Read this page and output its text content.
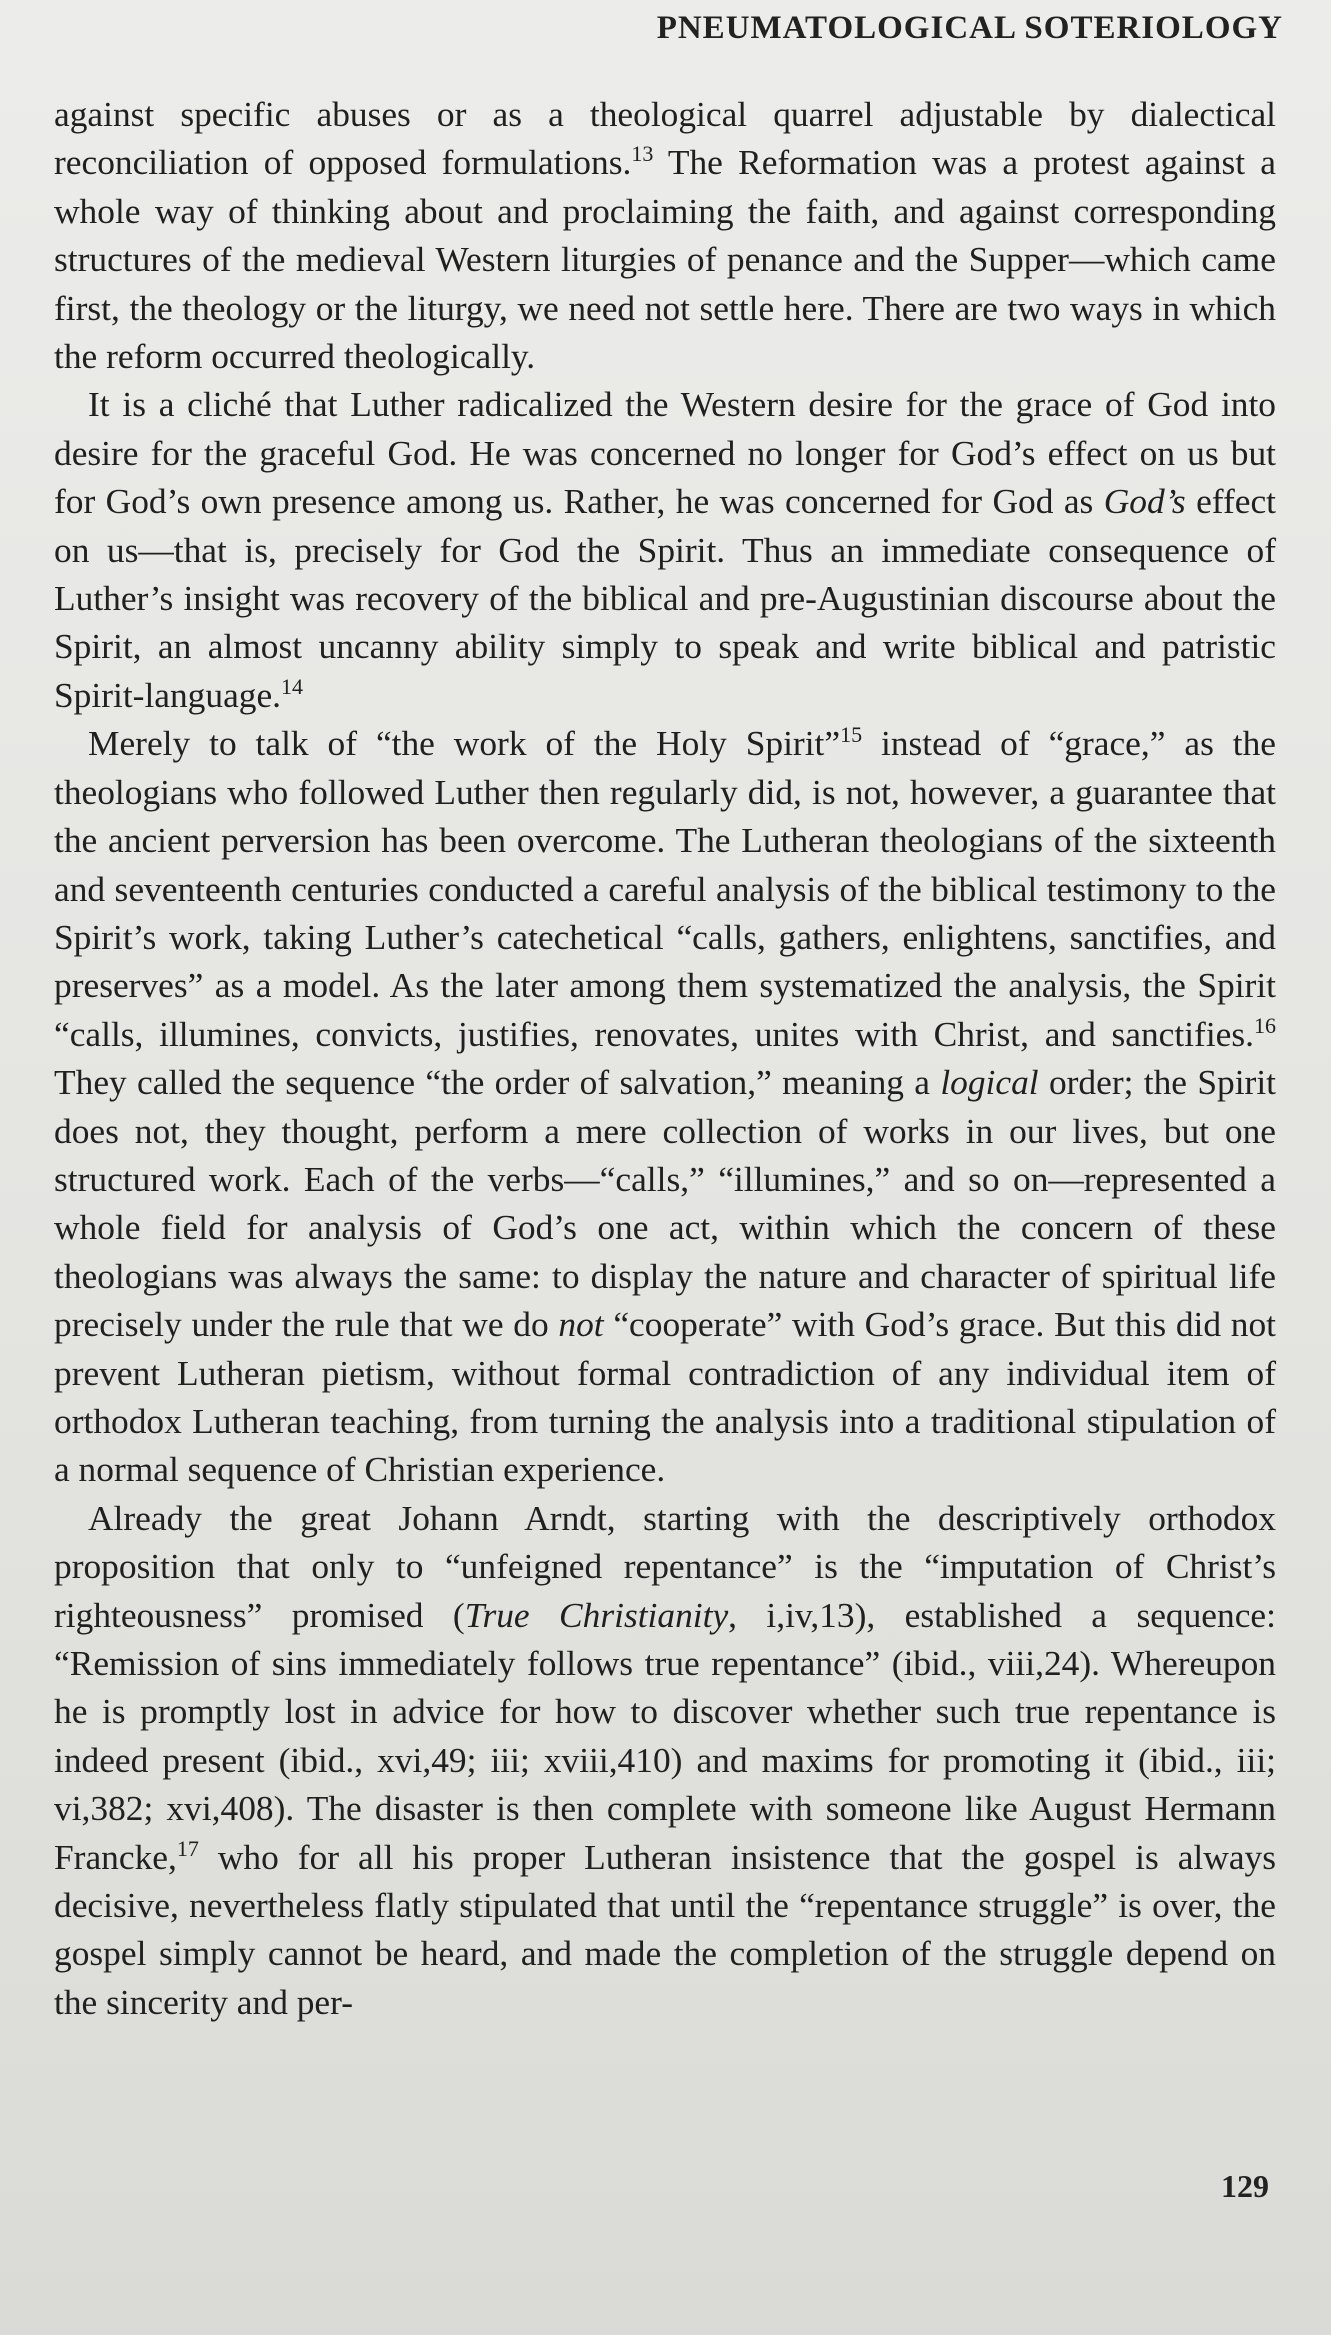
PNEUMATOLOGICAL SOTERIOLOGY

against specific abuses or as a theological quarrel adjustable by dialectical reconciliation of opposed formulations.$^{13}$ The Reformation was a protest against a whole way of thinking about and proclaiming the faith, and against corresponding structures of the medieval Western liturgies of penance and the Supper—which came first, the theology or the liturgy, we need not settle here. There are two ways in which the reform occurred theologically.

It is a cliché that Luther radicalized the Western desire for the grace of God into desire for the graceful God. He was concerned no longer for God’s effect on us but for God’s own presence among us. Rather, he was concerned for God as God’s effect on us—that is, precisely for God the Spirit. Thus an immediate consequence of Luther’s insight was recovery of the biblical and pre-Augustinian discourse about the Spirit, an almost uncanny ability simply to speak and write biblical and patristic Spirit-language.$^{14}$

Merely to talk of “the work of the Holy Spirit”$^{15}$ instead of “grace,” as the theologians who followed Luther then regularly did, is not, however, a guarantee that the ancient perversion has been overcome. The Lutheran theologians of the sixteenth and seventeenth centuries conducted a careful analysis of the biblical testimony to the Spirit’s work, taking Luther’s catechetical “calls, gathers, enlightens, sanctifies, and preserves” as a model. As the later among them systematized the analysis, the Spirit “calls, illumines, convicts, justifies, renovates, unites with Christ, and sanctifies.$^{16}$ They called the sequence “the order of salvation,” meaning a logical order; the Spirit does not, they thought, perform a mere collection of works in our lives, but one structured work. Each of the verbs—“calls,” “illumines,” and so on—represented a whole field for analysis of God’s one act, within which the concern of these theologians was always the same: to display the nature and character of spiritual life precisely under the rule that we do not “cooperate” with God’s grace. But this did not prevent Lutheran pietism, without formal contradiction of any individual item of orthodox Lutheran teaching, from turning the analysis into a traditional stipulation of a normal sequence of Christian experience.

Already the great Johann Arndt, starting with the descriptively orthodox proposition that only to “unfeigned repentance” is the “imputation of Christ’s righteousness” promised (True Christianity, i,iv,13), established a sequence: “Remission of sins immediately follows true repentance” (ibid., viii,24). Whereupon he is promptly lost in advice for how to discover whether such true repentance is indeed present (ibid., xvi,49; iii; xviii,410) and maxims for promoting it (ibid., iii; vi,382; xvi,408). The disaster is then complete with someone like August Hermann Francke,$^{17}$ who for all his proper Lutheran insistence that the gospel is always decisive, nevertheless flatly stipulated that until the “repentance struggle” is over, the gospel simply cannot be heard, and made the completion of the struggle depend on the sincerity and per-

129
